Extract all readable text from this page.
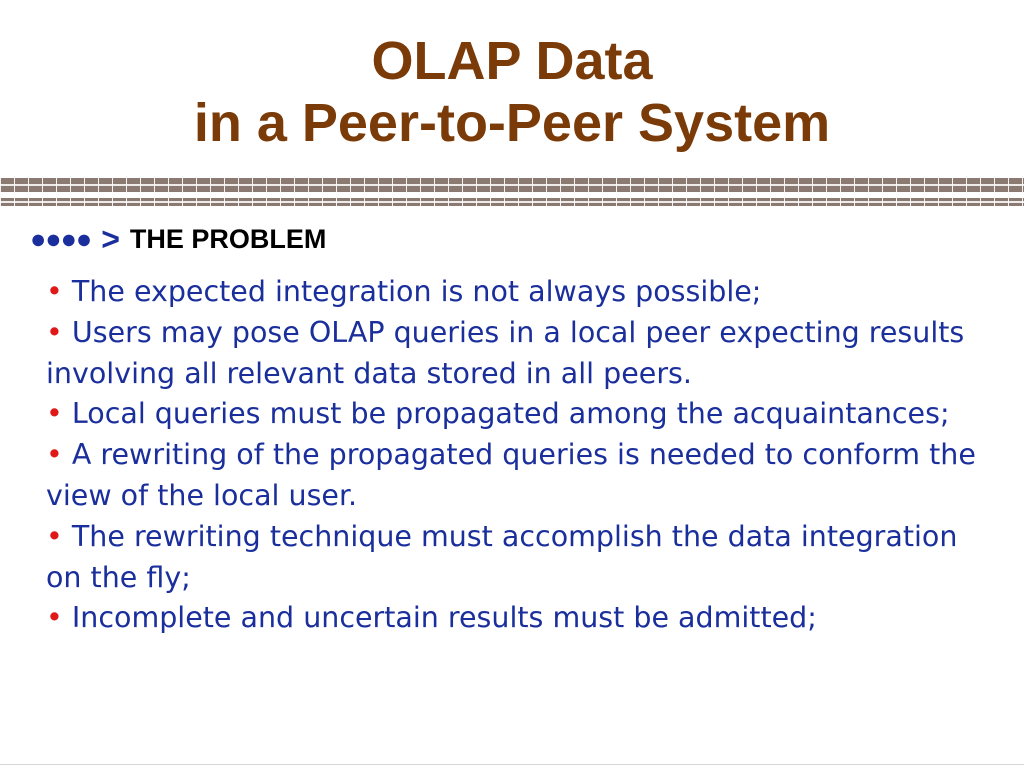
OLAP Data
in a Peer-to-Peer System
●●●● > THE PROBLEM
• The expected integration is not always possible;
• Users may pose OLAP queries in a local peer expecting results involving all relevant data stored in all peers.
• Local queries must be propagated among the acquaintances;
• A rewriting of the propagated queries is needed to conform the view of the local user.
• The rewriting technique must accomplish the data integration on the fly;
• Incomplete and uncertain results must be admitted;
